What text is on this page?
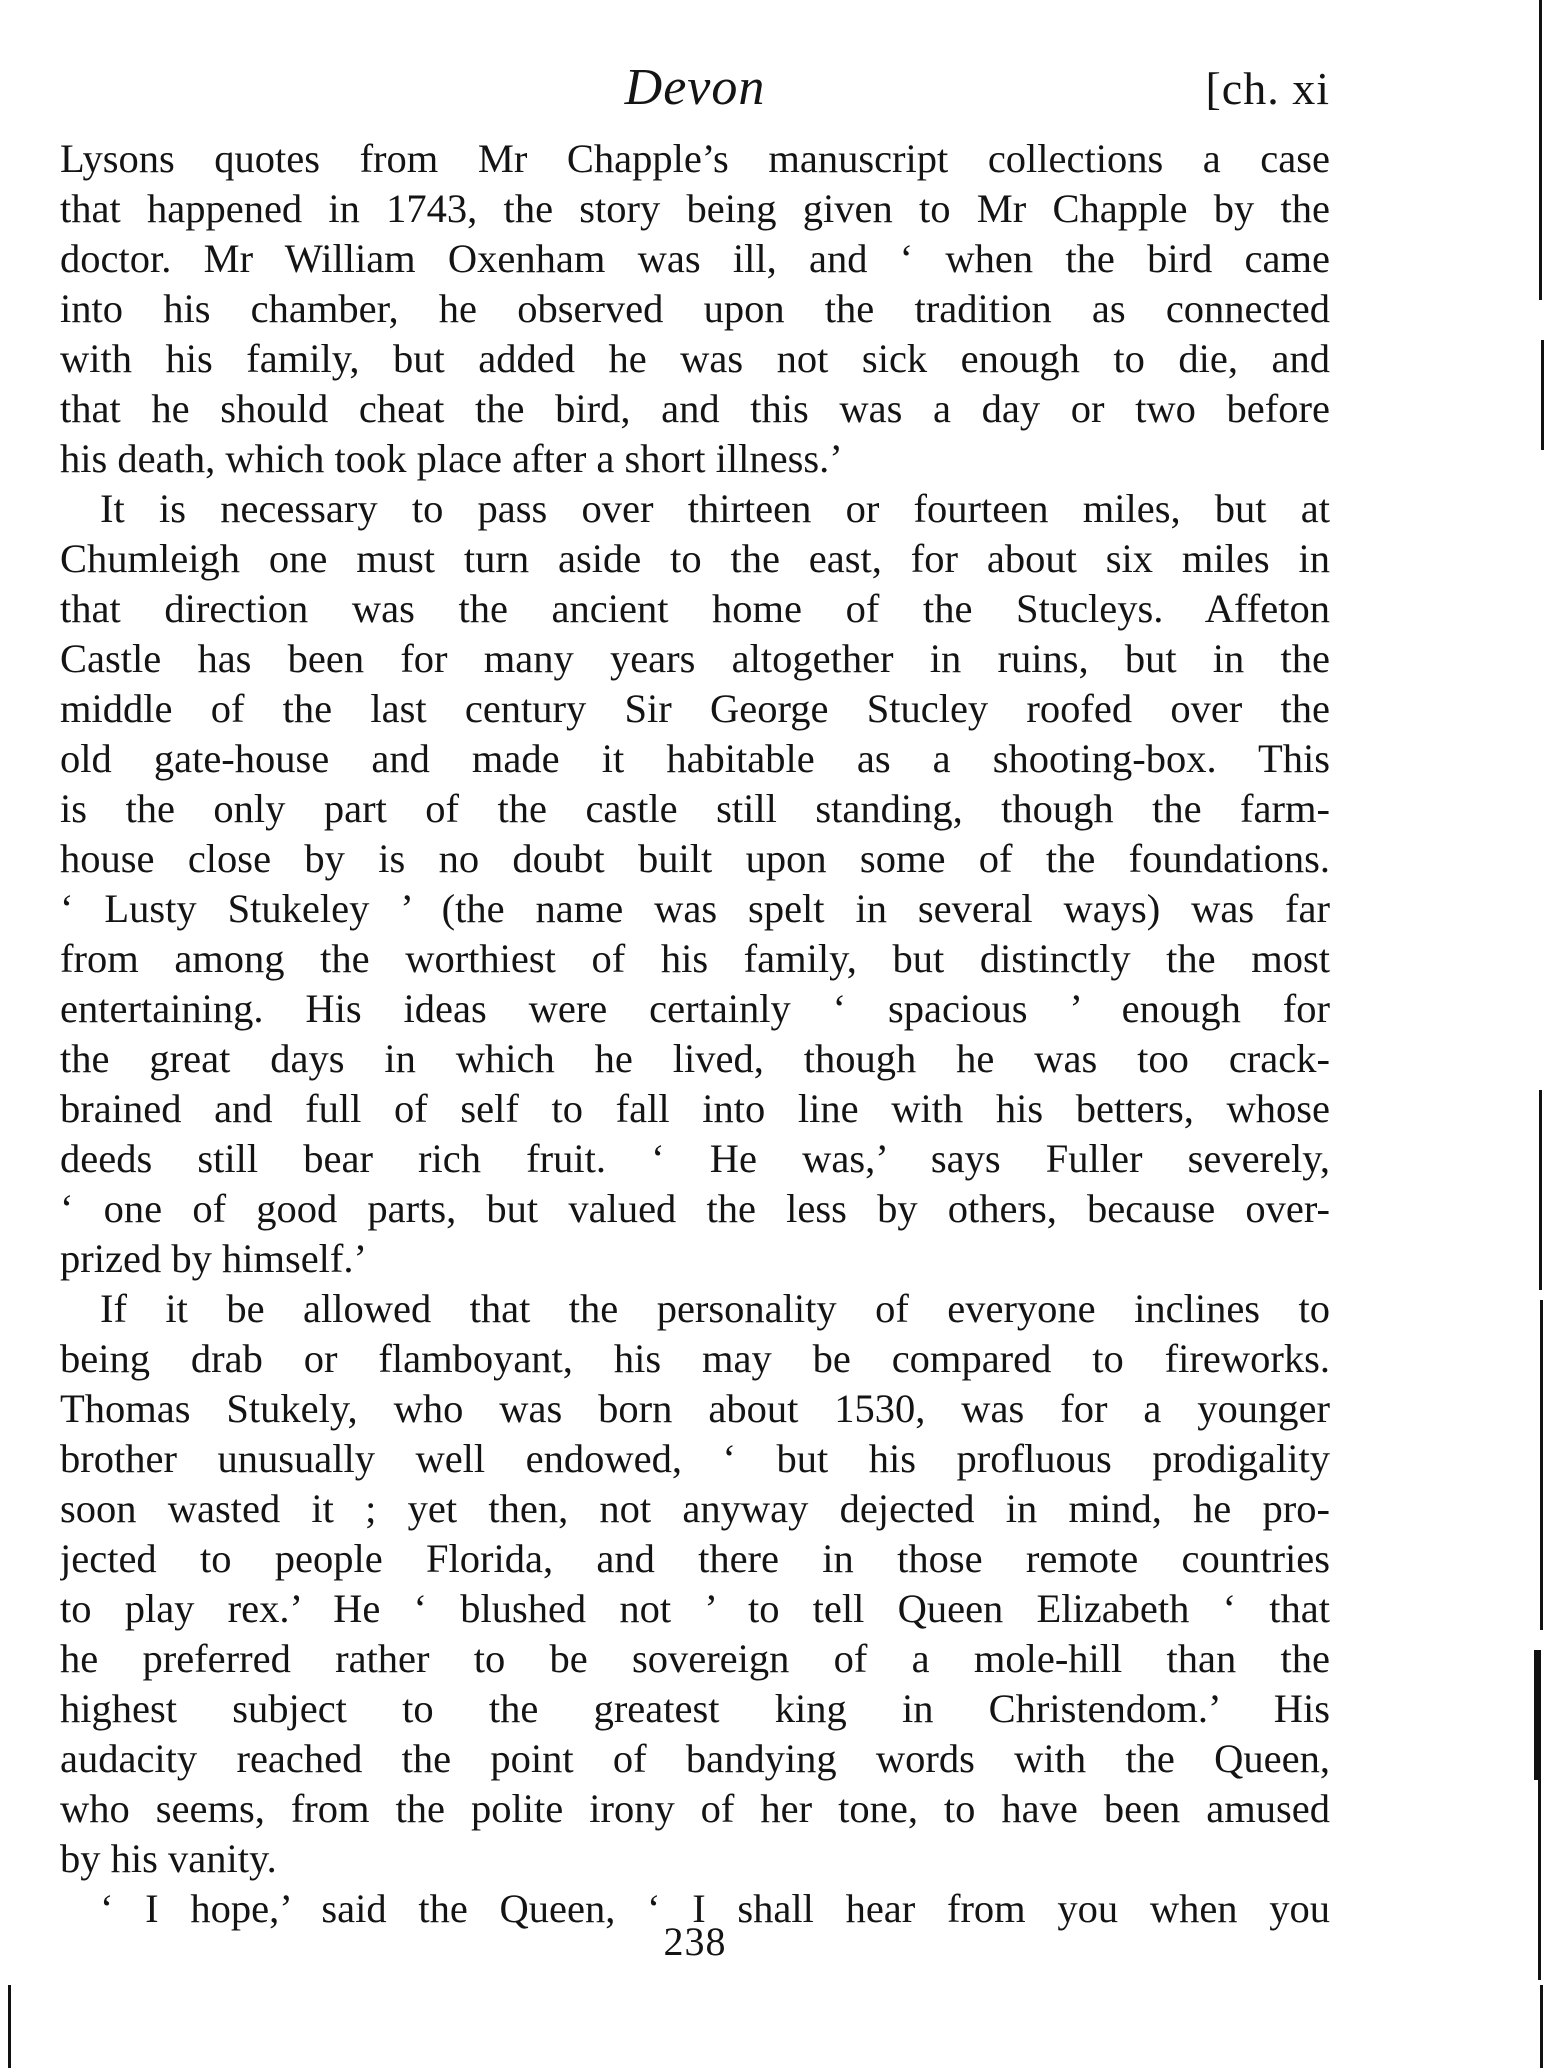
Devon	[ch. xi
Lysons quotes from Mr Chapple’s manuscript collections a case
that happened in 1743, the story being given to Mr Chapple by the
doctor. Mr William Oxenham was ill, and ‘ when the bird came
into his chamber, he observed upon the tradition as connected
with his family, but added he was not sick enough to die, and
that he should cheat the bird, and this was a day or two before
his death, which took place after a short illness.’
It is necessary to pass over thirteen or fourteen miles, but at
Chumleigh one must turn aside to the east, for about six miles in
that direction was the ancient home of the Stucleys. Affeton
Castle has been for many years altogether in ruins, but in the
middle of the last century Sir George Stucley roofed over the
old gate-house and made it habitable as a shooting-box. This
is the only part of the castle still standing, though the farm-
house close by is no doubt built upon some of the foundations.
‘ Lusty Stukeley ’ (the name was spelt in several ways) was far
from among the worthiest of his family, but distinctly the most
entertaining. His ideas were certainly ‘ spacious ’ enough for
the great days in which he lived, though he was too crack-
brained and full of self to fall into line with his betters, whose
deeds still bear rich fruit. ‘ He was,’ says Fuller severely,
‘ one of good parts, but valued the less by others, because over-
prized by himself.’
If it be allowed that the personality of everyone inclines to
being drab or flamboyant, his may be compared to fireworks.
Thomas Stukely, who was born about 1530, was for a younger
brother unusually well endowed, ‘ but his profluous prodigality
soon wasted it ; yet then, not anyway dejected in mind, he pro-
jected to people Florida, and there in those remote countries
to play rex.’ He ‘ blushed not ’ to tell Queen Elizabeth ‘ that
he preferred rather to be sovereign of a mole-hill than the
highest subject to the greatest king in Christendom.’ His
audacity reached the point of bandying words with the Queen,
who seems, from the polite irony of her tone, to have been amused
by his vanity.
‘ I hope,’ said the Queen, ‘ I shall hear from you when you
238
